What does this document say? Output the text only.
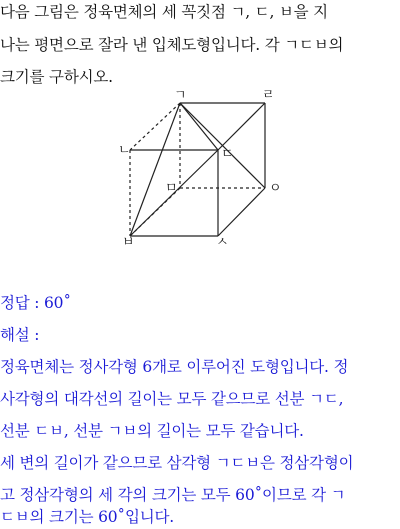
다음 그림은 정육면체의 세 꼭짓점 ㄱ, ㄷ, ㅂ을 지
나는 평면으로 잘라 낸 입체도형입니다. 각 ㄱㄷㅂ의
크기를 구하시오.
ㄱ	ㄹ
ㄴ	ㄷ
ㅁ	ㅇ
ㅂ	ㅅ
정답 : 60˚
해설 :
정육면체는 정사각형 6개로 이루어진 도형입니다. 정
사각형의 대각선의 길이는 모두 같으므로 선분 ㄱㄷ,
선분 ㄷㅂ, 선분 ㄱㅂ의 길이는 모두 같습니다.
세 변의 길이가 같으므로 삼각형 ㄱㄷㅂ은 정삼각형이
고 정삼각형의 세 각의 크기는 모두 60˚이므로 각 ㄱ
ㄷㅂ의 크기는 60˚입니다.
